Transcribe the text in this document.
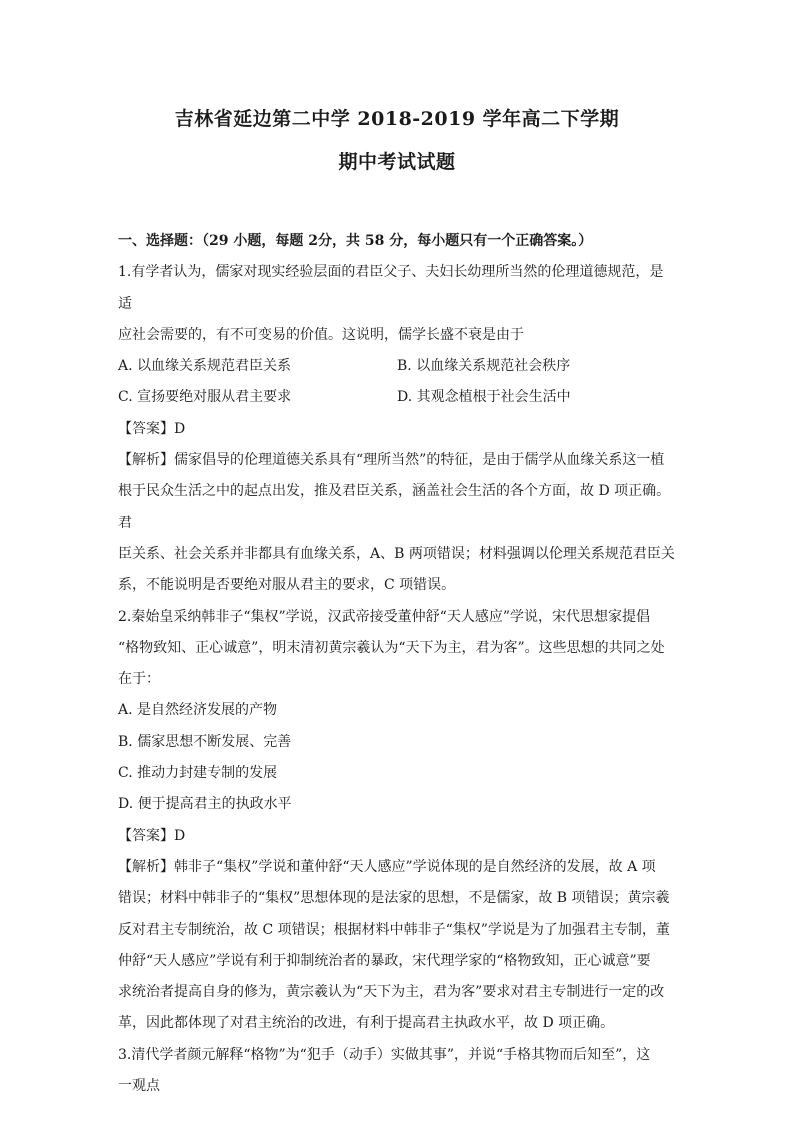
吉林省延边第二中学 2018-2019 学年高二下学期
期中考试试题

一、选择题：（29 小题，每题 2分，共 58 分，每小题只有一个正确答案。）

1.有学者认为，儒家对现实经验层面的君臣父子、夫妇长幼理所当然的伦理道德规范，是适

应社会需要的，有不可变易的价值。这说明，儒学长盛不衰是由于

A. 以血缘关系规范君臣关系	B. 以血缘关系规范社会秩序
C. 宣扬要绝对服从君主要求	D. 其观念植根于社会生活中

【答案】D

【解析】儒家倡导的伦理道德关系具有“理所当然”的特征，是由于儒学从血缘关系这一植

根于民众生活之中的起点出发，推及君臣关系，涵盖社会生活的各个方面，故 D 项正确。君

臣关系、社会关系并非都具有血缘关系，A、B 两项错误；材料强调以伦理关系规范君臣关

系，不能说明是否要绝对服从君主的要求，C 项错误。

2.秦始皇采纳韩非子“集权”学说，汉武帝接受董仲舒“天人感应”学说，宋代思想家提倡

“格物致知、正心诚意”，明末清初黄宗羲认为“天下为主，君为客”。这些思想的共同之处

在于：

A. 是自然经济发展的产物

B. 儒家思想不断发展、完善

C. 推动力封建专制的发展

D. 便于提高君主的执政水平

【答案】D

【解析】韩非子“集权”学说和董仲舒“天人感应”学说体现的是自然经济的发展，故 A 项

错误；材料中韩非子的“集权”思想体现的是法家的思想，不是儒家，故 B 项错误；黄宗羲

反对君主专制统治，故 C 项错误；根据材料中韩非子“集权”学说是为了加强君主专制，董

仲舒“天人感应”学说有利于抑制统治者的暴政，宋代理学家的“格物致知，正心诚意”要

求统治者提高自身的修为，黄宗羲认为“天下为主，君为客”要求对君主专制进行一定的改

革，因此都体现了对君主统治的改进，有利于提高君主执政水平，故 D 项正确。

3.清代学者颜元解释“格物”为“犯手（动手）实做其事”，并说“手格其物而后知至”，这

一观点
